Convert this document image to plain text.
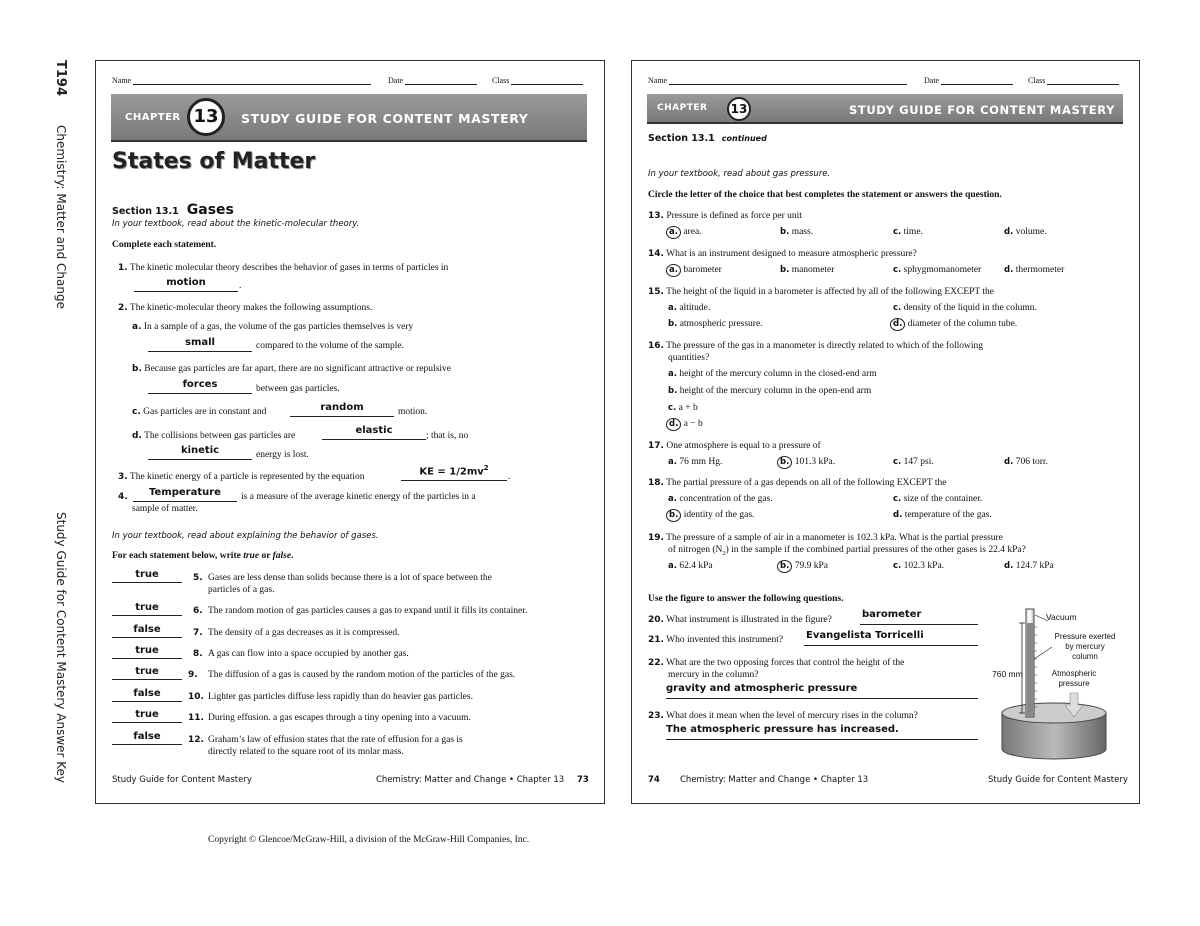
T194
Chemistry: Matter and Change
Study Guide for Content Mastery Answer Key
Name	Date	Class
CHAPTER 13	STUDY GUIDE FOR CONTENT MASTERY
States of Matter
Section 13.1 Gases
In your textbook, read about the kinetic-molecular theory.
Complete each statement.
1. The kinetic molecular theory describes the behavior of gases in terms of particles in
motion	.
2. The kinetic-molecular theory makes the following assumptions.
a. In a sample of a gas, the volume of the gas particles themselves is very
small	compared to the volume of the sample.
b. Because gas particles are far apart, there are no significant attractive or repulsive
forces	between gas particles.
c. Gas particles are in constant and	random	motion.
d. The collisions between gas particles are	elastic	; that is, no
kinetic	energy is lost.
3. The kinetic energy of a particle is represented by the equation	KE = $1/2mv^2$
.
4.	Temperature	is a measure of the average kinetic energy of the particles in a
sample of matter.
In your textbook, read about explaining the behavior of gases.
For each statement below, write true or false.
true	5. Gases are less dense than solids because there is a lot of space between the
particles of a gas.
true	6. The random motion of gas particles causes a gas to expand until it fills its container.
false	7. The density of a gas decreases as it is compressed.
true	8. A gas can flow into a space occupied by another gas.
true	9. The diffusion of a gas is caused by the random motion of the particles of the gas.
false	10. Lighter gas particles diffuse less rapidly than do heavier gas particles.
true	11. During effusion. a gas escapes through a tiny opening into a vacuum.
false	12. Graham’s law of effusion states that the rate of effusion for a gas is
directly related to the square root of its molar mass.
Study Guide for Content Mastery	Chemistry: Matter and Change • Chapter 13 73
Name	Date	Class
CHAPTER	13	STUDY GUIDE FOR CONTENT MASTERY
Section 13.1 continued
In your textbook, read about gas pressure.
Circle the letter of the choice that best completes the statement or answers the question.
13. Pressure is defined as force per unit
a. area.	b. mass.	c. time.	d. volume.
14. What is an instrument designed to measure atmospheric pressure?
a. barometer	b. manometer	c. sphygmomanometer	d. thermometer
15. The height of the liquid in a barometer is affected by all of the following EXCEPT the
a. altitude.	c. density of the liquid in the column.
b. atmospheric pressure.	d. diameter of the column tube.
16. The pressure of the gas in a manometer is directly related to which of the following
quantities?
a. height of the mercury column in the closed-end arm
b. height of the mercury column in the open-end arm
c. a + b
d. a − b
17. One atmosphere is equal to a pressure of
a. 76 mm Hg.	b. 101.3 kPa.	c. 147 psi.	d. 706 torr.
18. The partial pressure of a gas depends on all of the following EXCEPT the
a. concentration of the gas.	c. size of the container.
b. identity of the gas.	d. temperature of the gas.
19. The pressure of a sample of air in a manometer is 102.3 kPa. What is the partial pressure
of nitrogen $(N_2)$ in the sample if the combined partial pressures of the other gases is 22.4 kPa?
a. 62.4 kPa	b. 79.9 kPa	c. 102.3 kPa.	d. 124.7 kPa
Use the figure to answer the following questions.
20. What instrument is illustrated in the figure?	barometer
21. Who invented this instrument? Evangelista Torricelli
22. What are the two opposing forces that control the height of the
mercury in the column?
gravity and atmospheric pressure
23. What does it mean when the level of mercury rises in the column?
The atmospheric pressure has increased.
Vacuum
Pressure exerted
by mercury
column
760 mm	Atmospheric
pressure
74 Chemistry: Matter and Change • Chapter 13	Study Guide for Content Mastery
Copyright © Glencoe/McGraw-Hill, a division of the McGraw-Hill Companies, Inc.
